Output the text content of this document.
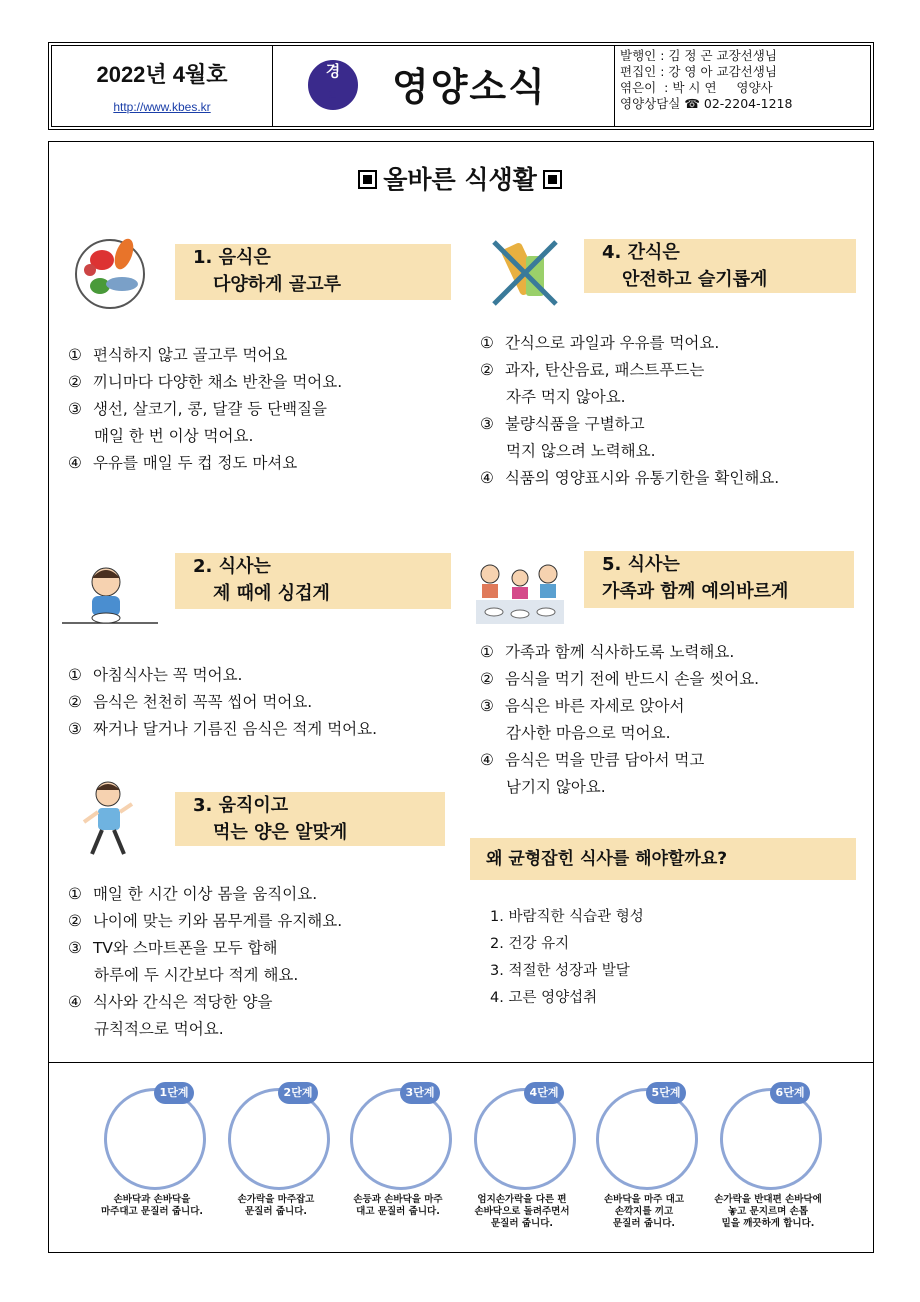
2022년 4월호
http://www.kbes.kr
경
복	영양소식
발행인 : 김 정 곤 교장선생님
편집인 : 강 영 아 교감선생님
엮은이  : 박 시 연     영양사
영양상담실 ☎ 02-2204-1218
올바른 식생활
1. 음식은
다양하게 골고루
① 편식하지 않고 골고루 먹어요
② 끼니마다 다양한 채소 반찬을 먹어요.
③ 생선, 살코기, 콩, 달걀 등 단백질을
매일 한 번 이상 먹어요.
④ 우유를 매일 두 컵 정도 마셔요
2. 식사는
제 때에 싱겁게
① 아침식사는 꼭 먹어요.
② 음식은 천천히 꼭꼭 씹어 먹어요.
③ 짜거나 달거나 기름진 음식은 적게 먹어요.
3. 움직이고
먹는 양은 알맞게
① 매일 한 시간 이상 몸을 움직이요.
② 나이에 맞는 키와 몸무게를 유지해요.
③ TV와 스마트폰을 모두 합해
하루에 두 시간보다 적게 해요.
④ 식사와 간식은 적당한 양을
규칙적으로 먹어요.
4. 간식은
안전하고 슬기롭게
① 간식으로 과일과 우유를 먹어요.
② 과자, 탄산음료, 패스트푸드는
자주 먹지 않아요.
③ 불량식품을 구별하고
먹지 않으려 노력해요.
④ 식품의 영양표시와 유통기한을 확인해요.
5. 식사는
가족과 함께 예의바르게
① 가족과 함께 식사하도록 노력해요.
② 음식을 먹기 전에 반드시 손을 씻어요.
③ 음식은 바른 자세로 앉아서
감사한 마음으로 먹어요.
④ 음식은 먹을 만큼 담아서 먹고
남기지 않아요.
왜 균형잡힌 식사를 해야할까요?
1. 바람직한 식습관 형성
2. 건강 유지
3. 적절한 성장과 발달
4. 고른 영양섭취
1단계
손바닥과 손바닥을
마주대고 문질러 줍니다.
2단계
손가락을 마주잡고
문질러 줍니다.
3단계
손등과 손바닥을 마주
대고 문질러 줍니다.
4단계
엄지손가락을 다른 편
손바닥으로 돌려주면서
문질러 줍니다.
5단계
손바닥을 마주 대고
손깍지를 끼고
문질러 줍니다.
6단계
손가락을 반대편 손바닥에
놓고 문지르며 손톱
밑을 깨끗하게 합니다.
